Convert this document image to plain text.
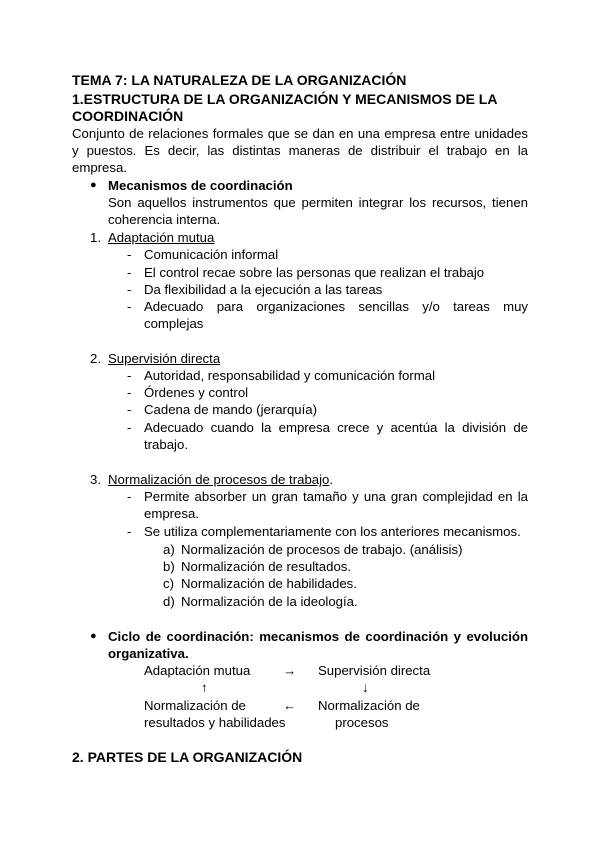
TEMA 7: LA NATURALEZA DE LA ORGANIZACIÓN
1.ESTRUCTURA DE LA ORGANIZACIÓN Y MECANISMOS DE LA
COORDINACIÓN
Conjunto de relaciones formales que se dan en una empresa entre unidades
y puestos. Es decir, las distintas maneras de distribuir el trabajo en la
empresa.
● Mecanismos de coordinación
Son aquellos instrumentos que permiten integrar los recursos, tienen
coherencia interna.
1. Adaptación mutua
- Comunicación informal
- El control recae sobre las personas que realizan el trabajo
- Da flexibilidad a la ejecución a las tareas
- Adecuado para organizaciones sencillas y/o tareas muy
complejas
2. Supervisión directa
- Autoridad, responsabilidad y comunicación formal
- Órdenes y control
- Cadena de mando (jerarquía)
- Adecuado cuando la empresa crece y acentúa la división de
trabajo.
3. Normalización de procesos de trabajo.
- Permite absorber un gran tamaño y una gran complejidad en la
empresa.
- Se utiliza complementariamente con los anteriores mecanismos.
a) Normalización de procesos de trabajo. (análisis)
b) Normalización de resultados.
c) Normalización de habilidades.
d) Normalización de la ideología.
● Ciclo de coordinación: mecanismos de coordinación y evolución
organizativa.
Adaptación mutua → Supervisión directa
↑	↓
Normalización de	← Normalización de
resultados y habilidades	procesos
2. PARTES DE LA ORGANIZACIÓN
